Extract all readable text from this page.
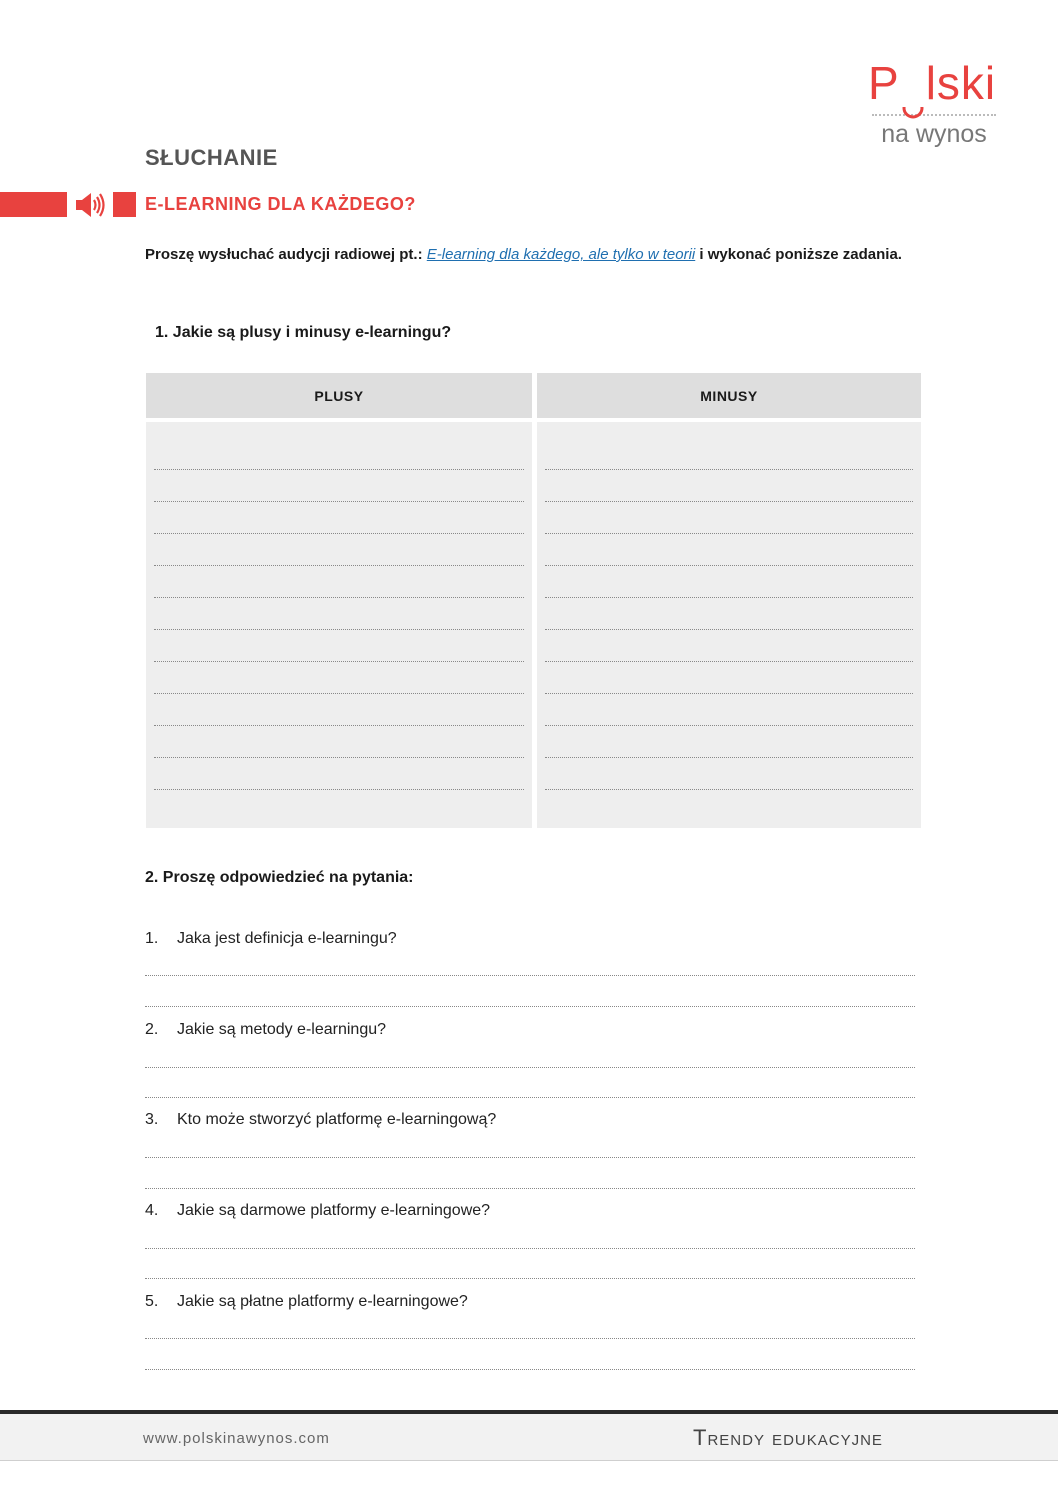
P lski
na wynos
SŁUCHANIE
E-LEARNING DLA KAŻDEGO?
Proszę wysłuchać audycji radiowej pt.: E-learning dla każdego, ale tylko w teorii i wykonać poniższe zadania.
1. Jakie są plusy i minusy e-learningu?
PLUSY	MINUSY
2. Proszę odpowiedzieć na pytania:
1. Jaka jest definicja e-learningu?
2. Jakie są metody e-learningu?
3. Kto może stworzyć platformę e-learningową?
4. Jakie są darmowe platformy e-learningowe?
5. Jakie są płatne platformy e-learningowe?
www.polskinawynos.com	Trendy edukacyjne
